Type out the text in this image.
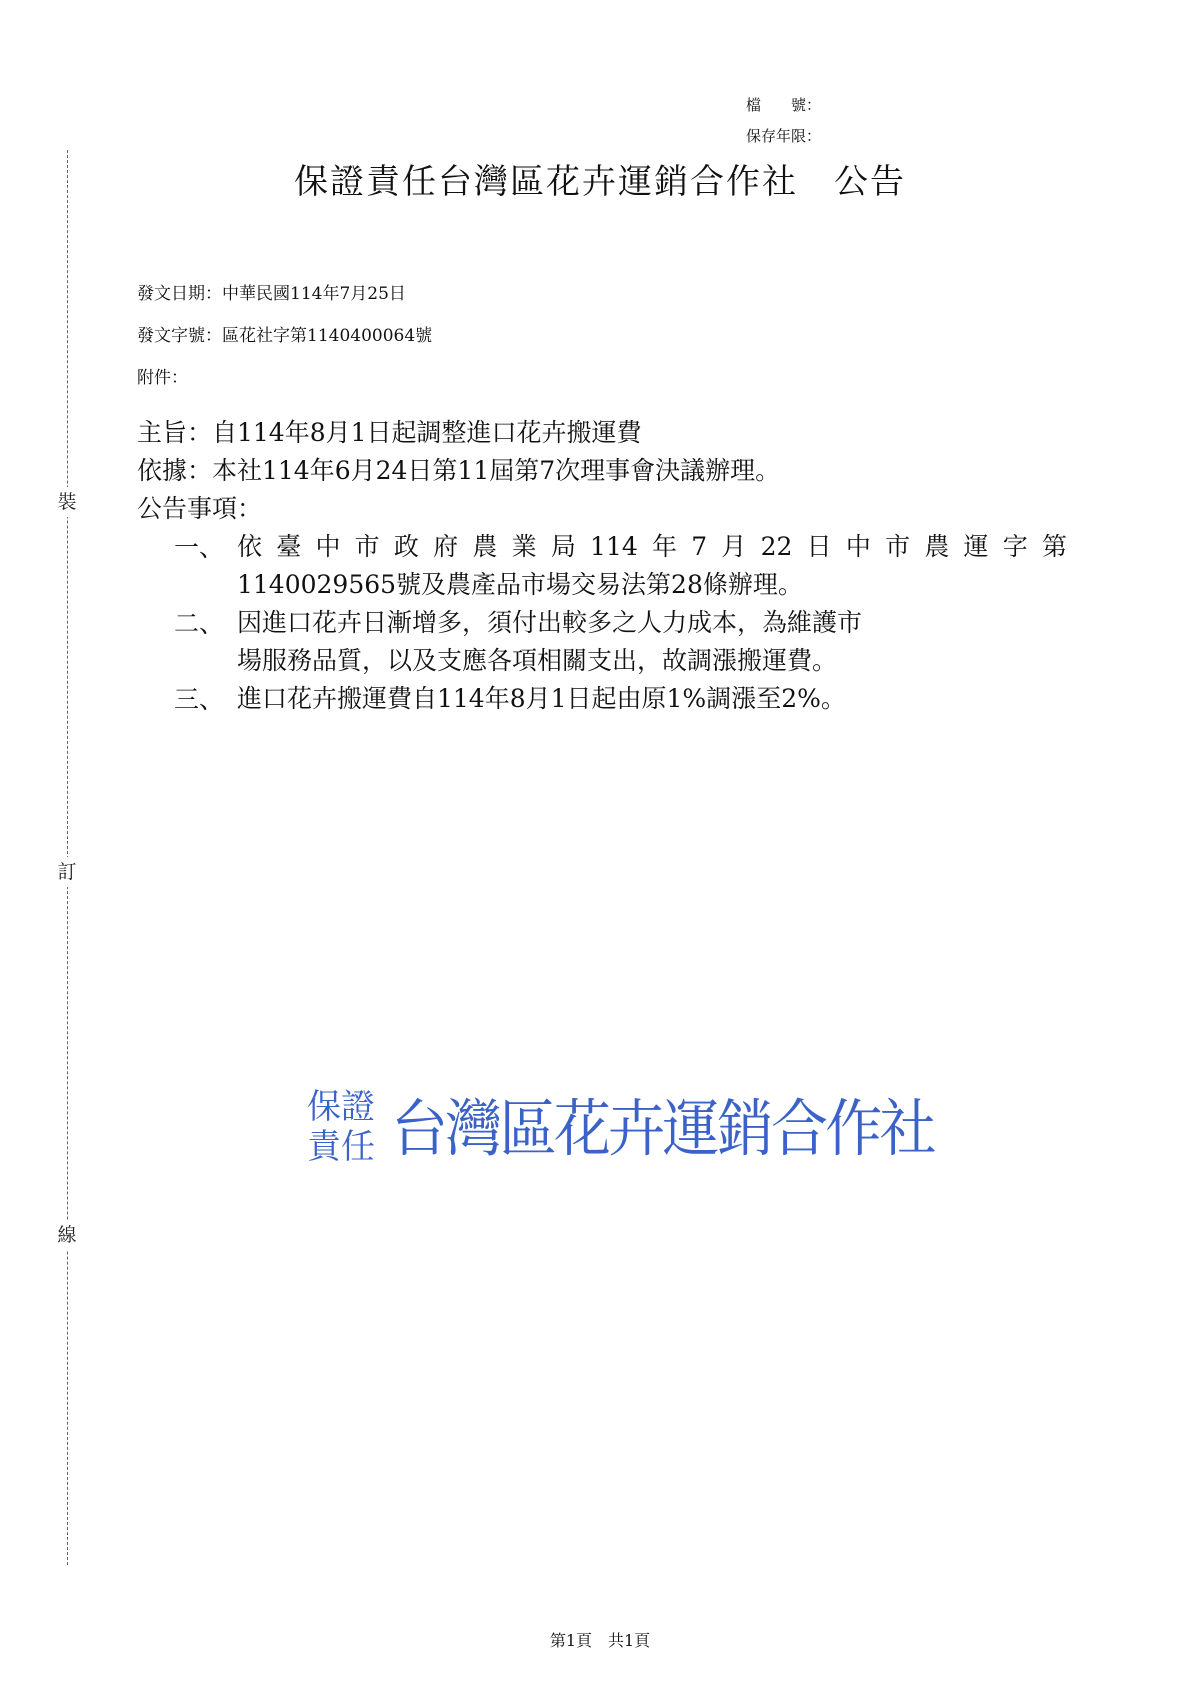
裝
訂
線
檔　　號：
保存年限：
保證責任台灣區花卉運銷合作社　公告
發文日期：中華民國114年7月25日
發文字號：區花社字第1140400064號
附件：
主旨：自114年8月1日起調整進口花卉搬運費
依據：本社114年6月24日第11屆第7次理事會決議辦理。
公告事項：
一、 依臺中市政府農業局114年7月22日中市農運字第
1140029565號及農產品市場交易法第28條辦理。
二、 因進口花卉日漸增多，須付出較多之人力成本，為維護市
場服務品質，以及支應各項相關支出，故調漲搬運費。
三、 進口花卉搬運費自114年8月1日起由原1%調漲至2%。
保證
責任 台灣區花卉運銷合作社
第1頁　共1頁
